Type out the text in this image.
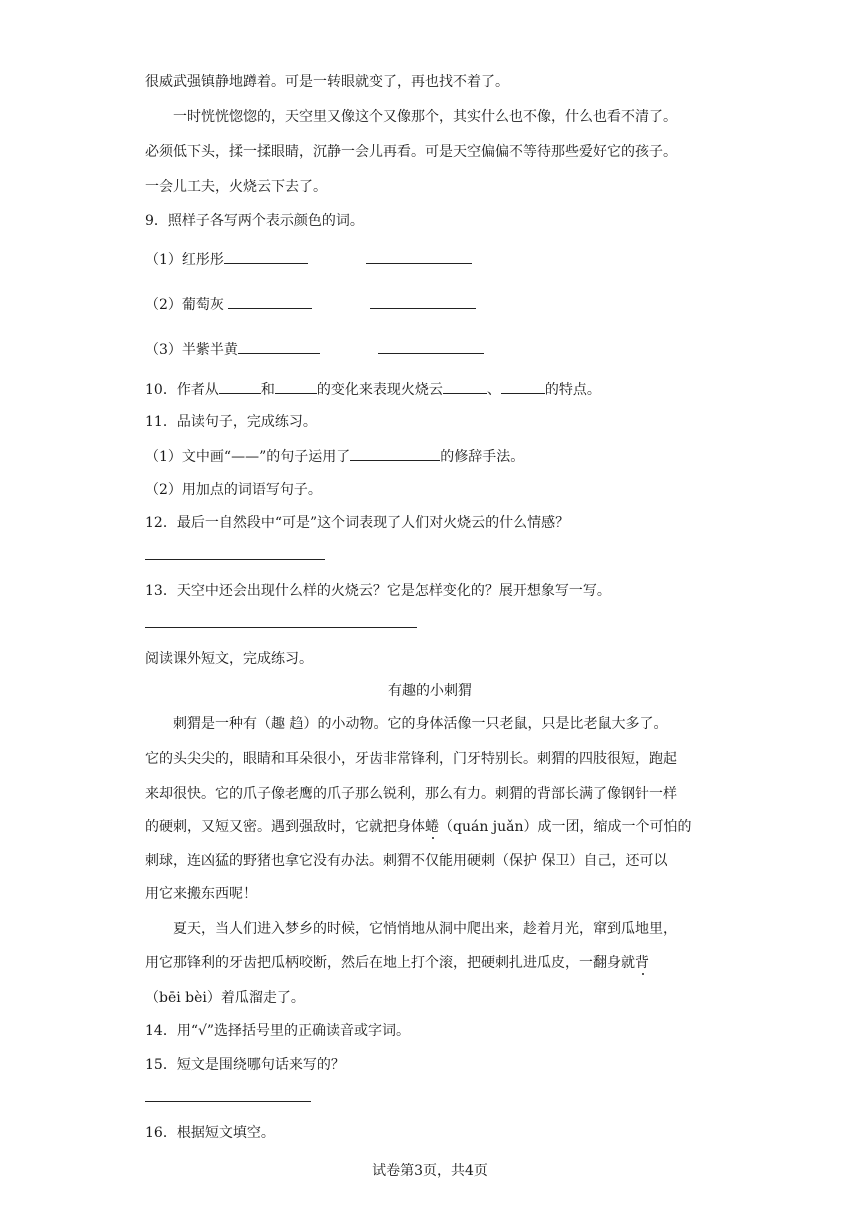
很威武强镇静地蹲着。可是一转眼就变了，再也找不着了。
一时恍恍惚惚的，天空里又像这个又像那个，其实什么也不像，什么也看不清了。
必须低下头，揉一揉眼睛，沉静一会儿再看。可是天空偏偏不等待那些爱好它的孩子。
一会儿工夫，火烧云下去了。
9．照样子各写两个表示颜色的词。
（1）红彤彤
（2）葡萄灰
（3）半紫半黄
10．作者从	和	的变化来表现火烧云	、	的特点。
11．品读句子，完成练习。
（1）文中画“——”的句子运用了	的修辞手法。
（2）用加点的词语写句子。
12．最后一自然段中“可是”这个词表现了人们对火烧云的什么情感？
13．天空中还会出现什么样的火烧云？它是怎样变化的？展开想象写一写。
阅读课外短文，完成练习。
有趣的小刺猬
刺猬是一种有（趣 趋）的小动物。它的身体活像一只老鼠，只是比老鼠大多了。
它的头尖尖的，眼睛和耳朵很小，牙齿非常锋利，门牙特别长。刺猬的四肢很短，跑起
来却很快。它的爪子像老鹰的爪子那么锐利，那么有力。刺猬的背部长满了像钢针一样
的硬刺，又短又密。遇到强敌时，它就把身体蜷（quán juǎn）成一团，缩成一个可怕的
刺球，连凶猛的野猪也拿它没有办法。刺猬不仅能用硬刺（保护 保卫）自己，还可以
用它来搬东西呢！
夏天，当人们进入梦乡的时候，它悄悄地从洞中爬出来，趁着月光，窜到瓜地里，
用它那锋利的牙齿把瓜柄咬断，然后在地上打个滚，把硬刺扎进瓜皮，一翻身就背
（bēi bèi）着瓜溜走了。
14．用“√”选择括号里的正确读音或字词。
15．短文是围绕哪句话来写的？
16．根据短文填空。
试卷第3页，共4页
